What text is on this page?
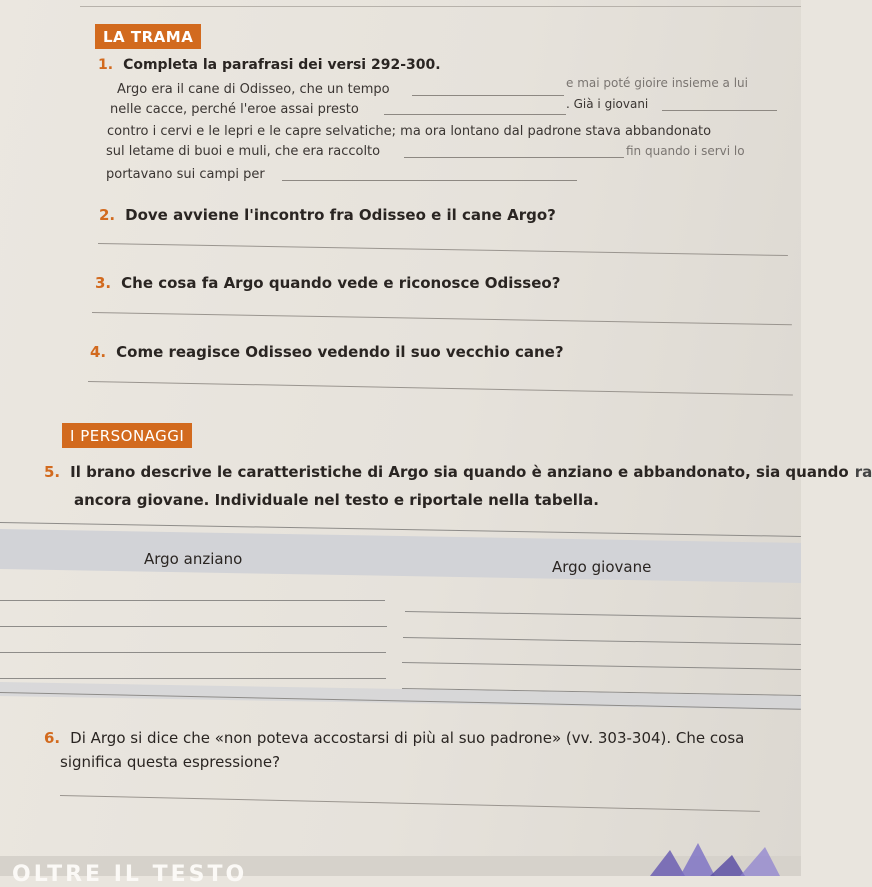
LA TRAMA
1. Completa la parafrasi dei versi 292-300.
Argo era il cane di Odisseo, che un tempo	e mai poté gioire insieme a lui
nelle cacce, perché l'eroe assai presto	. Già i giovani
contro i cervi e le lepri e le capre selvatiche; ma ora lontano dal padrone stava abbandonato
sul letame di buoi e muli, che era raccolto	fin quando i servi lo
portavano sui campi per
2. Dove avviene l'incontro fra Odisseo e il cane Argo?
3. Che cosa fa Argo quando vede e riconosce Odisseo?
4. Come reagisce Odisseo vedendo il suo vecchio cane?
I PERSONAGGI
5. Il brano descrive le caratteristiche di Argo sia quando è anziano e abbandonato, sia quando ra
ancora giovane. Individuale nel testo e riportale nella tabella.
Argo anziano	Argo giovane
6. Di Argo si dice che «non poteva accostarsi di più al suo padrone» (vv. 303-304). Che cosa
significa questa espressione?
OLTRE IL TESTO
